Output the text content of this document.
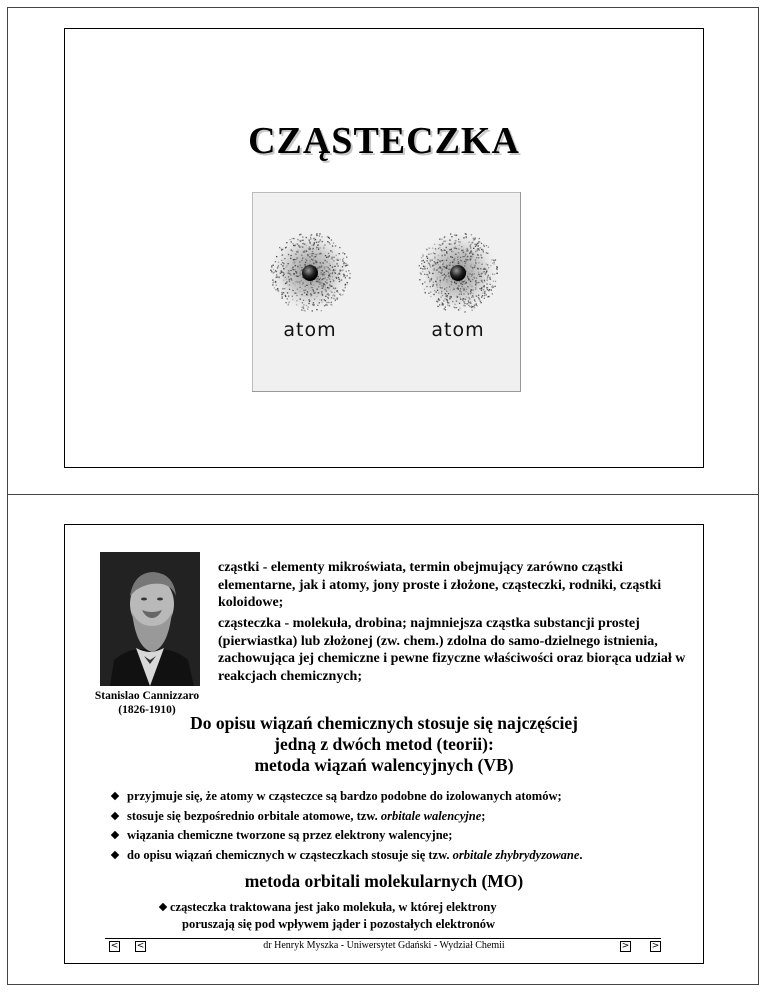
CZĄSTECZKA
atom	atom
Stanislao Cannizzaro
(1826-1910)

cząstki - elementy mikroświata, termin obejmujący zarówno cząstki elementarne, jak i atomy, jony proste i złożone, cząsteczki, rodniki, cząstki koloidowe;

cząsteczka - molekuła, drobina; najmniejsza cząstka substancji prostej (pierwiastka) lub złożonej (zw. chem.) zdolna do samo-dzielnego istnienia, zachowująca jej chemiczne i pewne fizyczne właściwości oraz biorąca udział w reakcjach chemicznych;

Do opisu wiązań chemicznych stosuje się najczęściej
jedną z dwóch metod (teorii):
metoda wiązań walencyjnych (VB)
przyjmuje się, że atomy w cząsteczce są bardzo podobne do izolowanych atomów;
stosuje się bezpośrednio orbitale atomowe, tzw. orbitale walencyjne;
wiązania chemiczne tworzone są przez elektrony walencyjne;
do opisu wiązań chemicznych w cząsteczkach stosuje się tzw. orbitale zhybrydyzowane.
metoda orbitali molekularnych (MO)

cząsteczka traktowana jest jako molekuła, w której elektrony
poruszają się pod wpływem jąder i pozostałych elektronów

< <	dr Henryk Myszka - Uniwersytet Gdański - Wydział Chemii	> >
